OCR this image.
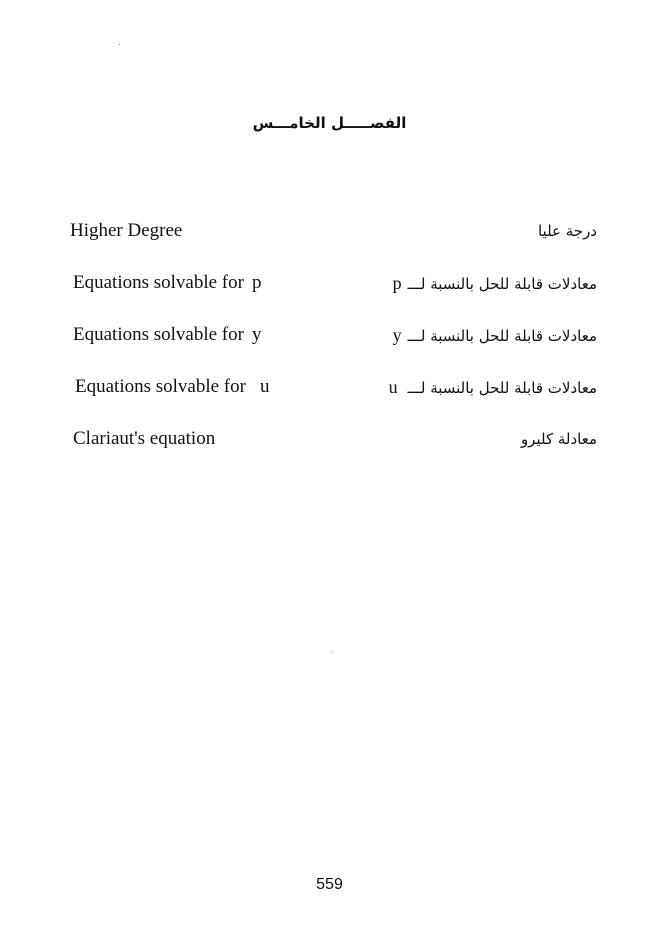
الفصـــــل الخامـــس
Higher Degree	درجة عليا
Equations solvable for p	معادلات قابلة للحل بالنسبة لـــp
Equations solvable for y	معادلات قابلة للحل بالنسبة لـــy
Equations solvable for u	معادلات قابلة للحل بالنسبة لـــu
Clariaut's equation	معادلة كليرو
559
